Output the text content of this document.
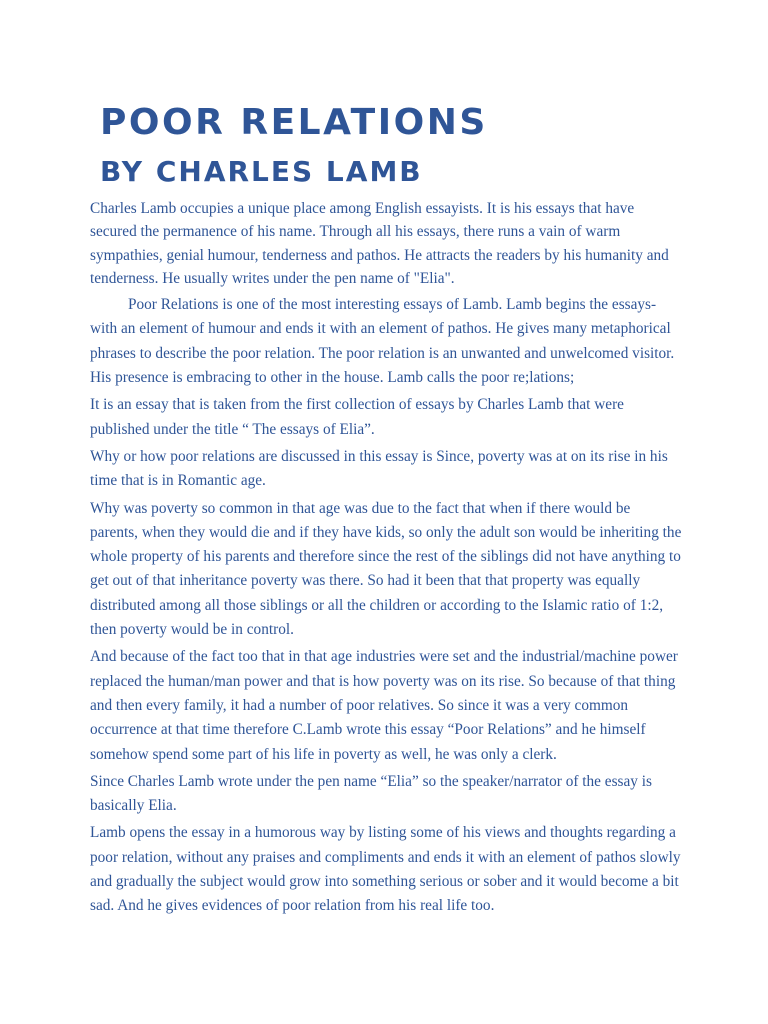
POOR RELATIONS
BY CHARLES LAMB

Charles Lamb occupies a unique place among English essayists. It is his essays that have secured the permanence of his name. Through all his essays, there runs a vain of warm sympathies, genial humour, tenderness and pathos. He attracts the readers by his humanity and tenderness. He usually writes under the pen name of "Elia".

Poor Relations is one of the most interesting essays of Lamb. Lamb begins the essays- with an element of humour and ends it with an element of pathos. He gives many metaphorical phrases to describe the poor relation. The poor relation is an unwanted and unwelcomed visitor. His presence is embracing to other in the house. Lamb calls the poor re;lations;

It is an essay that is taken from the first collection of essays by Charles Lamb that were published under the title “ The essays of Elia”.

Why or how poor relations are discussed in this essay is Since, poverty was at on its rise in his time that is in Romantic age.

Why was poverty so common in that age was due to the fact that when if there would be parents, when they would die and if they have kids, so only the adult son would be inheriting the whole property of his parents and therefore since the rest of the siblings did not have anything to get out of that inheritance poverty was there. So had it been that that property was equally distributed among all those siblings or all the children or according to the Islamic ratio of 1:2, then poverty would be in control.

And because of the fact too that in that age industries were set and the industrial/machine power replaced the human/man power and that is how poverty was on its rise. So because of that thing and then every family, it had a number of poor relatives. So since it was a very common occurrence at that time therefore C.Lamb wrote this essay “Poor Relations” and he himself somehow spend some part of his life in poverty as well, he was only a clerk.

Since Charles Lamb wrote under the pen name “Elia” so the speaker/narrator of the essay is basically Elia.

Lamb opens the essay in a humorous way by listing some of his views and thoughts regarding a poor relation, without any praises and compliments and ends it with an element of pathos slowly and gradually the subject would grow into something serious or sober and it would become a bit sad. And he gives evidences of poor relation from his real life too.
